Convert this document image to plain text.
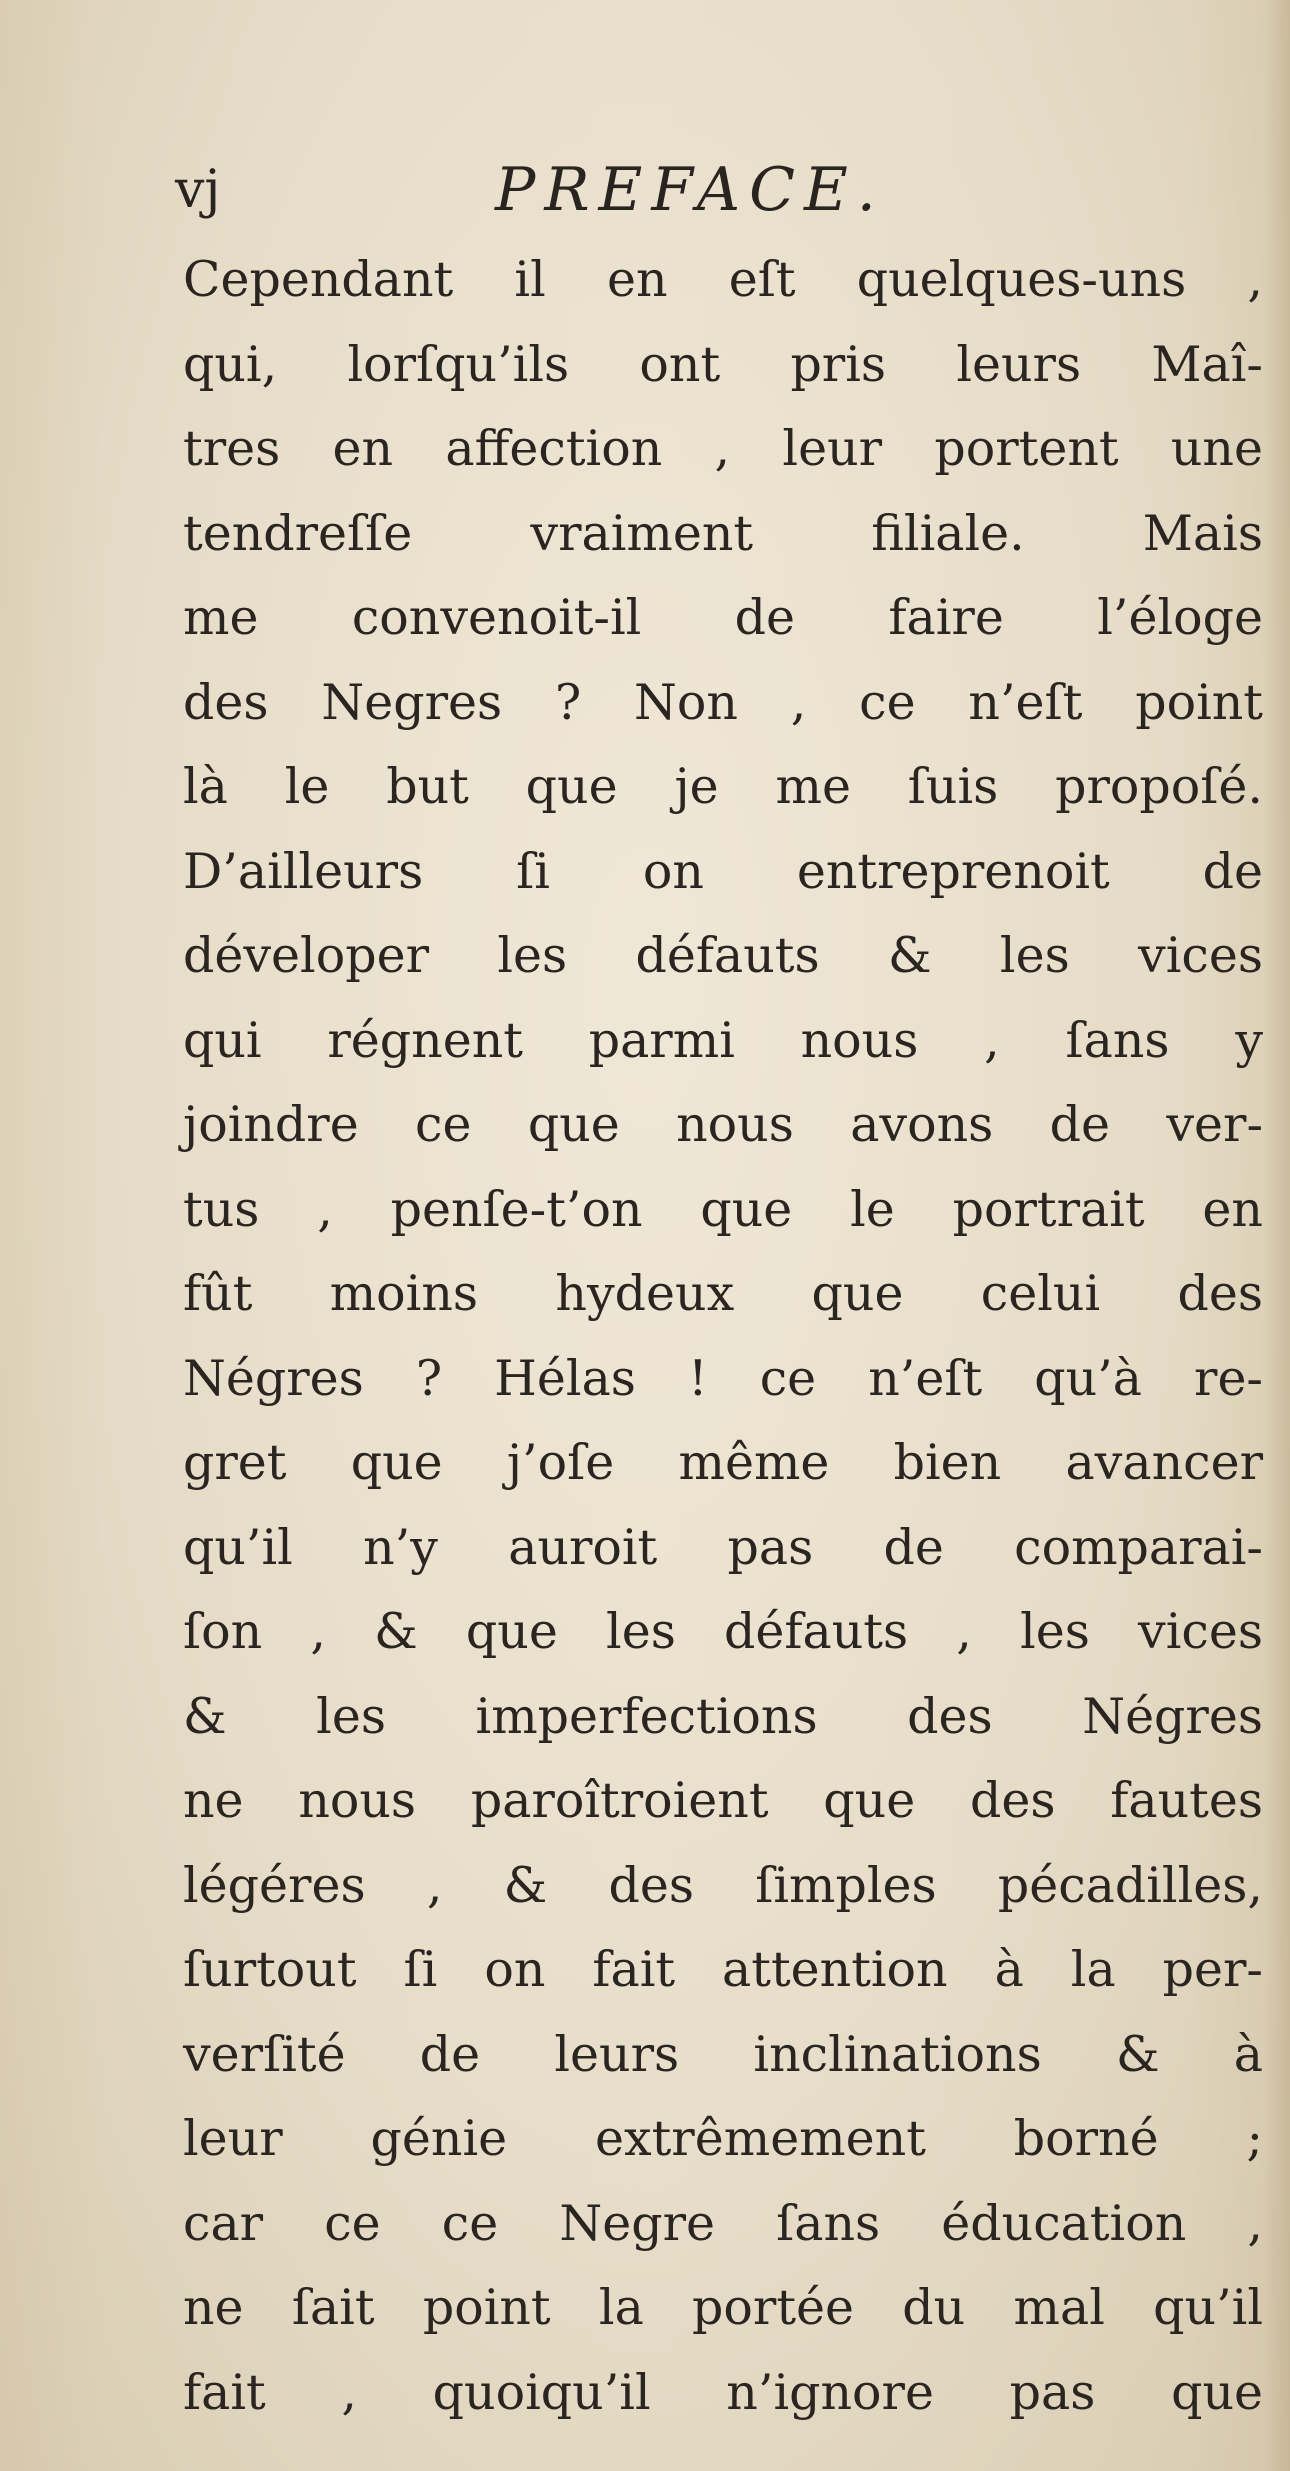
vj	PREFACE.
Cependant il en eſt quelques-uns ,
qui, lorſqu’ils ont pris leurs Maî-
tres en affection , leur portent une
tendreſſe vraiment filiale. Mais
me convenoit-il de faire l’éloge
des Negres ? Non , ce n’eſt point
là le but que je me ſuis propoſé.
D’ailleurs ſi on entreprenoit de
déveloper les défauts & les vices
qui régnent parmi nous , ſans y
joindre ce que nous avons de ver-
tus , penſe-t’on que le portrait en
fût moins hydeux que celui des
Négres ? Hélas ! ce n’eſt qu’à re-
gret que j’oſe même bien avancer
qu’il n’y auroit pas de comparai-
ſon , & que les défauts , les vices
& les imperfections des Négres
ne nous paroîtroient que des fautes
légéres , & des ſimples pécadilles,
ſurtout ſi on fait attention à la per-
verſité de leurs inclinations & à
leur génie extrêmement borné ;
car ce ce Negre ſans éducation ,
ne ſait point la portée du mal qu’il
fait , quoiqu’il n’ignore pas que
